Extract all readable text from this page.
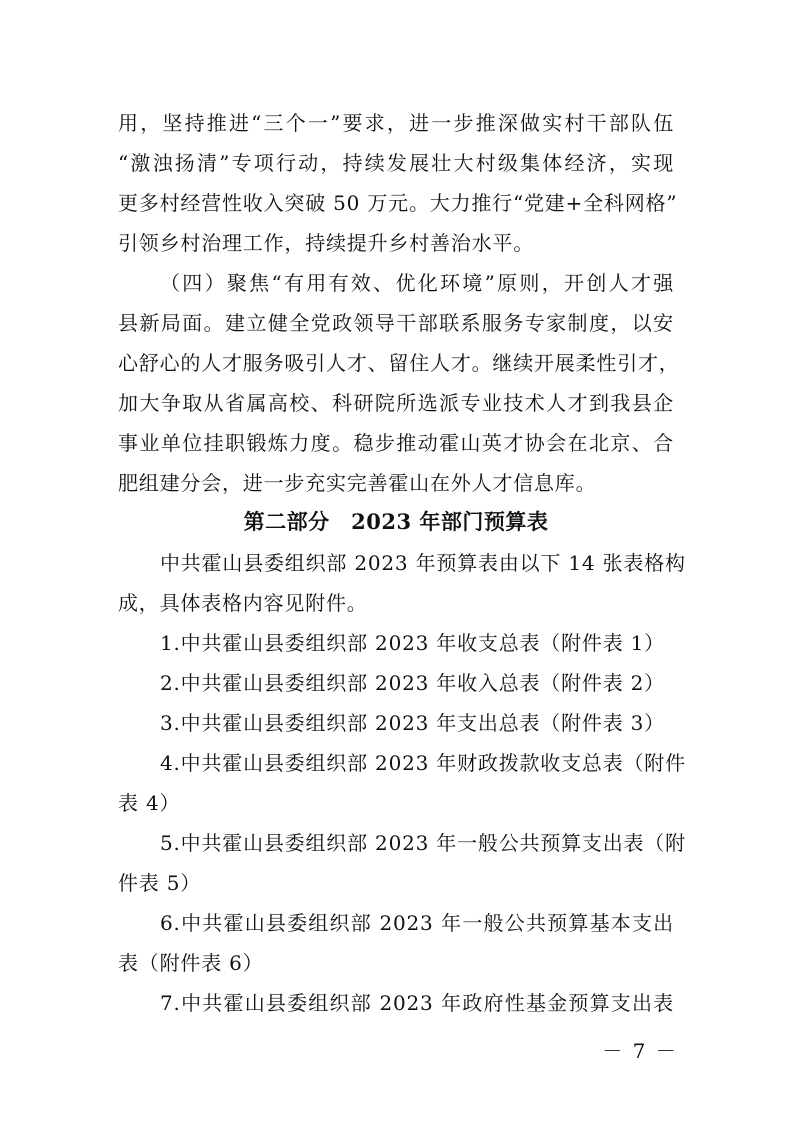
用，坚持推进“三个一”要求，进一步推深做实村干部队伍
“激浊扬清”专项行动，持续发展壮大村级集体经济，实现
更多村经营性收入突破 50 万元。大力推行“党建+全科网格”
引领乡村治理工作，持续提升乡村善治水平。
（四）聚焦“有用有效、优化环境”原则，开创人才强
县新局面。建立健全党政领导干部联系服务专家制度，以安
心舒心的人才服务吸引人才、留住人才。继续开展柔性引才，
加大争取从省属高校、科研院所选派专业技术人才到我县企
事业单位挂职锻炼力度。稳步推动霍山英才协会在北京、合
肥组建分会，进一步充实完善霍山在外人才信息库。
第二部分　2023 年部门预算表
中共霍山县委组织部 2023 年预算表由以下 14 张表格构
成，具体表格内容见附件。
1.中共霍山县委组织部 2023 年收支总表（附件表 1）
2.中共霍山县委组织部 2023 年收入总表（附件表 2）
3.中共霍山县委组织部 2023 年支出总表（附件表 3）
4.中共霍山县委组织部 2023 年财政拨款收支总表（附件
表 4）
5.中共霍山县委组织部 2023 年一般公共预算支出表（附
件表 5）
6.中共霍山县委组织部 2023 年一般公共预算基本支出
表（附件表 6）
7.中共霍山县委组织部 2023 年政府性基金预算支出表
－ 7 －
